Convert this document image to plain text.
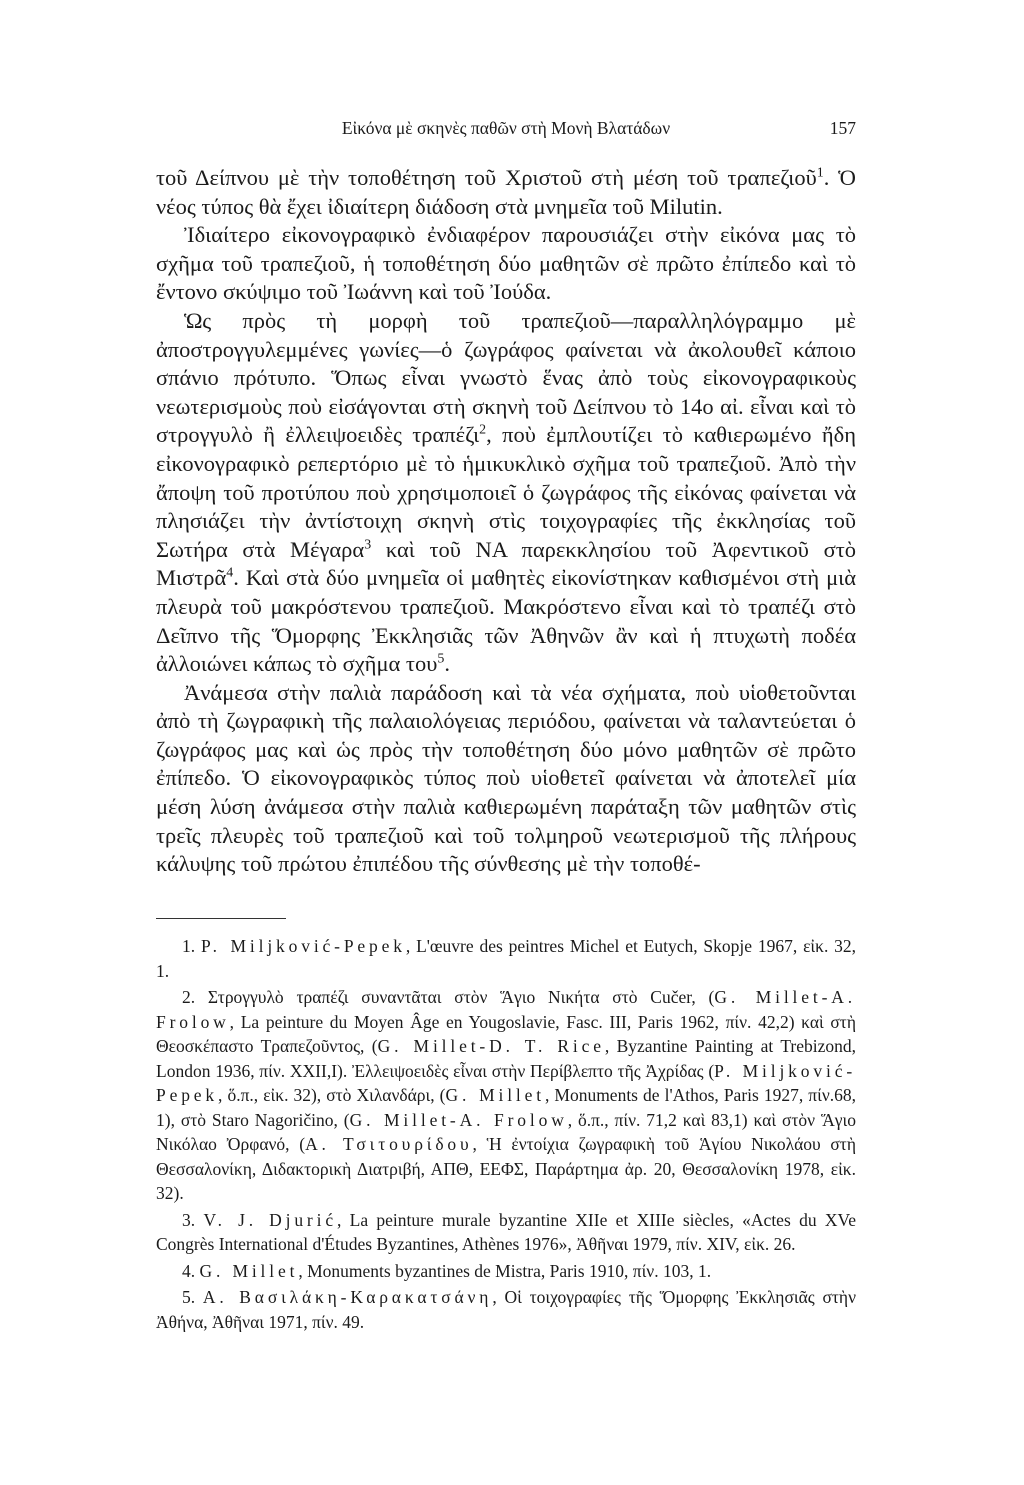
Εἰκόνα μὲ σκηνὲς παθῶν στὴ Μονὴ Βλατάδων	157

τοῦ Δείπνου μὲ τὴν τοποθέτηση τοῦ Χριστοῦ στὴ μέση τοῦ τραπεζιοῦ$^1$. Ὁ νέος τύπος θὰ ἔχει ἰδιαίτερη διάδοση στὰ μνημεῖα τοῦ Milutin.

Ἰδιαίτερο εἰκονογραφικὸ ἐνδιαφέρον παρουσιάζει στὴν εἰκόνα μας τὸ σχῆμα τοῦ τραπεζιοῦ, ἡ τοποθέτηση δύο μαθητῶν σὲ πρῶτο ἐπίπεδο καὶ τὸ ἔντονο σκύψιμο τοῦ Ἰωάννη καὶ τοῦ Ἰούδα.

Ὡς πρὸς τὴ μορφὴ τοῦ τραπεζιοῦ—παραλληλόγραμμο μὲ ἀποστρογγυλεμμένες γωνίες—ὁ ζωγράφος φαίνεται νὰ ἀκολουθεῖ κάποιο σπάνιο πρότυπο. Ὅπως εἶναι γνωστὸ ἕνας ἀπὸ τοὺς εἰκονογραφικοὺς νεωτερισμοὺς ποὺ εἰσάγονται στὴ σκηνὴ τοῦ Δείπνου τὸ 14ο αἰ. εἶναι καὶ τὸ στρογγυλὸ ἢ ἐλλειψοειδὲς τραπέζι$^2$, ποὺ ἐμπλουτίζει τὸ καθιερωμένο ἤδη εἰκονογραφικὸ ρεπερτόριο μὲ τὸ ἡμικυκλικὸ σχῆμα τοῦ τραπεζιοῦ. Ἀπὸ τὴν ἄποψη τοῦ προτύπου ποὺ χρησιμοποιεῖ ὁ ζωγράφος τῆς εἰκόνας φαίνεται νὰ πλησιάζει τὴν ἀντίστοιχη σκηνὴ στὶς τοιχογραφίες τῆς ἐκκλησίας τοῦ Σωτήρα στὰ Μέγαρα$^3$ καὶ τοῦ ΝΑ παρεκκλησίου τοῦ Ἀφεντικοῦ στὸ Μιστρᾶ$^4$. Καὶ στὰ δύο μνημεῖα οἱ μαθητὲς εἰκονίστηκαν καθισμένοι στὴ μιὰ πλευρὰ τοῦ μακρόστενου τραπεζιοῦ. Μακρόστενο εἶναι καὶ τὸ τραπέζι στὸ Δεῖπνο τῆς Ὅμορφης Ἐκκλησιᾶς τῶν Ἀθηνῶν ἂν καὶ ἡ πτυχωτὴ ποδέα ἀλλοιώνει κάπως τὸ σχῆμα του$^5$.

Ἀνάμεσα στὴν παλιὰ παράδοση καὶ τὰ νέα σχήματα, ποὺ υἱοθετοῦνται ἀπὸ τὴ ζωγραφικὴ τῆς παλαιολόγειας περιόδου, φαίνεται νὰ ταλαντεύεται ὁ ζωγράφος μας καὶ ὡς πρὸς τὴν τοποθέτηση δύο μόνο μαθητῶν σὲ πρῶτο ἐπίπεδο. Ὁ εἰκονογραφικὸς τύπος ποὺ υἱοθετεῖ φαίνεται νὰ ἀποτελεῖ μία μέση λύση ἀνάμεσα στὴν παλιὰ καθιερωμένη παράταξη τῶν μαθητῶν στὶς τρεῖς πλευρὲς τοῦ τραπεζιοῦ καὶ τοῦ τολμηροῦ νεωτερισμοῦ τῆς πλήρους κάλυψης τοῦ πρώτου ἐπιπέδου τῆς σύνθεσης μὲ τὴν τοποθέ-

1. P. Miljković-Pepek, L'œuvre des peintres Michel et Eutych, Skopje 1967, εἰκ. 32, 1.

2. Στρογγυλὸ τραπέζι συναντᾶται στὸν Ἅγιο Νικήτα στὸ Cučer, (G. Millet-A. Frolow, La peinture du Moyen Âge en Yougoslavie, Fasc. III, Paris 1962, πίν. 42,2) καὶ στὴ Θεοσκέπαστο Τραπεζοῦντος, (G. Millet-D. T. Rice, Byzantine Painting at Trebizond, London 1936, πίν. XXII,I). Ἐλλειψοειδὲς εἶναι στὴν Περίβλεπτο τῆς Ἀχρίδας (P. Miljković-Pepek, ὅ.π., εἰκ. 32), στὸ Χιλανδάρι, (G. Millet, Monuments de l'Athos, Paris 1927, πίν.68, 1), στὸ Staro Nagoričino, (G. Millet-A. Frolow, ὅ.π., πίν. 71,2 καὶ 83,1) καὶ στὸν Ἅγιο Νικόλαο Ὀρφανό, (Α. Τσιτουρίδου, Ἡ ἐντοίχια ζωγραφικὴ τοῦ Ἁγίου Νικολάου στὴ Θεσσαλονίκη, Διδακτορικὴ Διατριβή, ΑΠΘ, ΕΕΦΣ, Παράρτημα ἀρ. 20, Θεσσαλονίκη 1978, εἰκ. 32).

3. V. J. Djurić, La peinture murale byzantine XIIe et XIIIe siècles, «Actes du XVe Congrès International d'Études Byzantines, Athènes 1976», Ἀθῆναι 1979, πίν. XIV, εἰκ. 26.

4. G. Millet, Monuments byzantines de Mistra, Paris 1910, πίν. 103, 1.

5. Α. Βασιλάκη-Καρακατσάνη, Οἱ τοιχογραφίες τῆς Ὅμορφης Ἐκκλησιᾶς στὴν Ἀθήνα, Ἀθῆναι 1971, πίν. 49.
